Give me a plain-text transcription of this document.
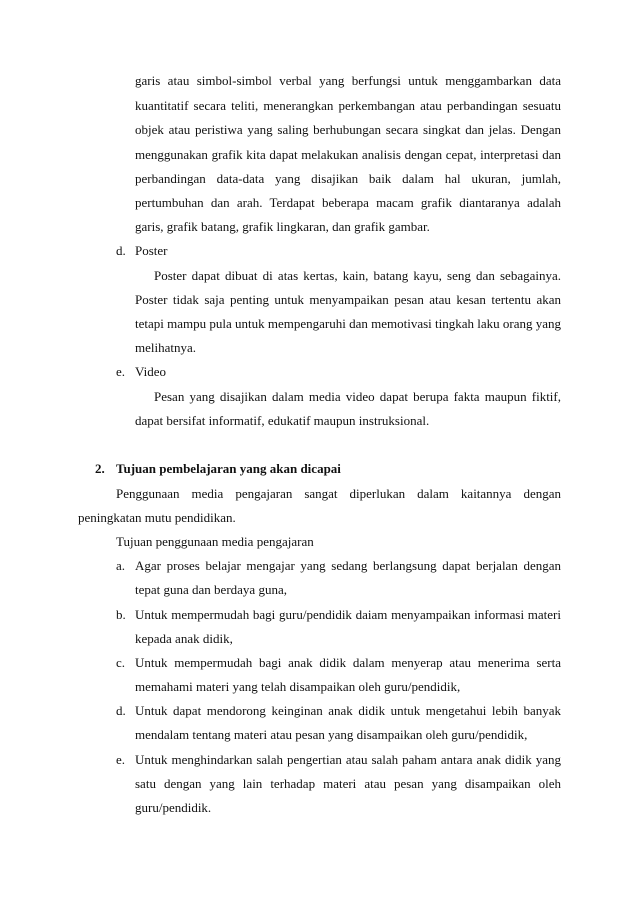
garis atau simbol-simbol verbal yang berfungsi untuk menggambarkan data
kuantitatif secara teliti, menerangkan perkembangan atau perbandingan sesuatu
objek atau peristiwa yang saling berhubungan secara singkat dan jelas. Dengan
menggunakan grafik kita dapat melakukan analisis dengan cepat, interpretasi dan
perbandingan data-data yang disajikan baik dalam hal ukuran, jumlah,
pertumbuhan dan arah. Terdapat beberapa macam grafik diantaranya adalah
garis, grafik batang, grafik lingkaran, dan grafik gambar.
d. Poster
Poster dapat dibuat di atas kertas, kain, batang kayu, seng dan sebagainya.
Poster tidak saja penting untuk menyampaikan pesan atau kesan tertentu akan
tetapi mampu pula untuk mempengaruhi dan memotivasi tingkah laku orang yang
melihatnya.
e. Video
Pesan yang disajikan dalam media video dapat berupa fakta maupun fiktif,
dapat bersifat informatif, edukatif maupun instruksional.
2. Tujuan pembelajaran yang akan dicapai
Penggunaan media pengajaran sangat diperlukan dalam kaitannya dengan
peningkatan mutu pendidikan.
Tujuan penggunaan media pengajaran
a. Agar proses belajar mengajar yang sedang berlangsung dapat berjalan dengan
tepat guna dan berdaya guna,
b. Untuk mempermudah bagi guru/pendidik daiam menyampaikan informasi materi
kepada anak didik,
c. Untuk mempermudah bagi anak didik dalam menyerap atau menerima serta
memahami materi yang telah disampaikan oleh guru/pendidik,
d. Untuk dapat mendorong keinginan anak didik untuk mengetahui lebih banyak
mendalam tentang materi atau pesan yang disampaikan oleh guru/pendidik,
e. Untuk menghindarkan salah pengertian atau salah paham antara anak didik yang
satu dengan yang lain terhadap materi atau pesan yang disampaikan oleh
guru/pendidik.
